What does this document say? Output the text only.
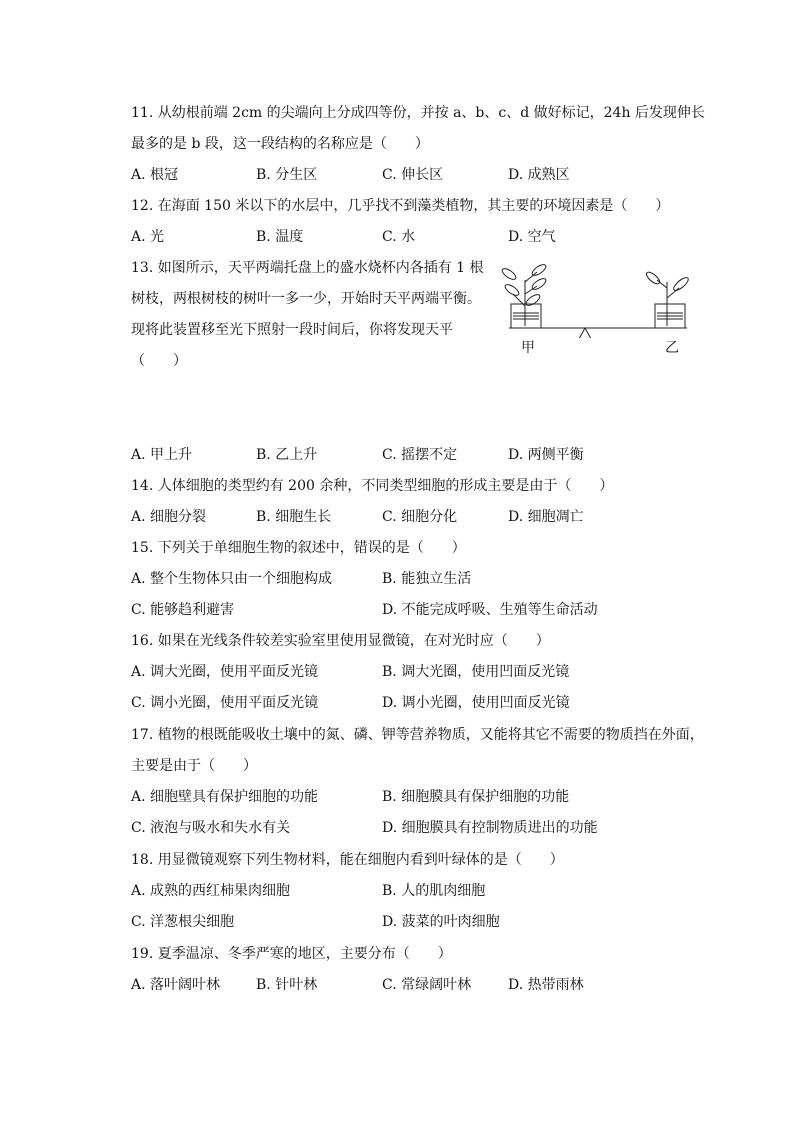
11. 从幼根前端 2cm 的尖端向上分成四等份，并按 a、b、c、d 做好标记，24h 后发现伸长
最多的是 b 段，这一段结构的名称应是（　　）
A. 根冠	B. 分生区	C. 伸长区	D. 成熟区
12. 在海面 150 米以下的水层中，几乎找不到藻类植物，其主要的环境因素是（　　）
A. 光	B. 温度	C. 水	D. 空气
13. 如图所示，天平两端托盘上的盛水烧杯内各插有 1 根
树枝，两根树枝的树叶一多一少，开始时天平两端平衡。
现将此装置移至光下照射一段时间后，你将发现天平
（　　）
甲	乙
A. 甲上升	B. 乙上升	C. 摇摆不定	D. 两侧平衡
14. 人体细胞的类型约有 200 余种，不同类型细胞的形成主要是由于（　　）
A. 细胞分裂	B. 细胞生长	C. 细胞分化	D. 细胞凋亡
15. 下列关于单细胞生物的叙述中，错误的是（　　）
A. 整个生物体只由一个细胞构成	B. 能独立生活
C. 能够趋利避害	D. 不能完成呼吸、生殖等生命活动
16. 如果在光线条件较差实验室里使用显微镜，在对光时应（　　）
A. 调大光圈，使用平面反光镜	B. 调大光圈，使用凹面反光镜
C. 调小光圈，使用平面反光镜	D. 调小光圈，使用凹面反光镜
17. 植物的根既能吸收土壤中的氮、磷、钾等营养物质，又能将其它不需要的物质挡在外面，
主要是由于（　　）
A. 细胞壁具有保护细胞的功能	B. 细胞膜具有保护细胞的功能
C. 液泡与吸水和失水有关	D. 细胞膜具有控制物质进出的功能
18. 用显微镜观察下列生物材料，能在细胞内看到叶绿体的是（　　）
A. 成熟的西红柿果肉细胞	B. 人的肌肉细胞
C. 洋葱根尖细胞	D. 菠菜的叶肉细胞
19. 夏季温凉、冬季严寒的地区，主要分布（　　）
A. 落叶阔叶林	B. 针叶林	C. 常绿阔叶林	D. 热带雨林
